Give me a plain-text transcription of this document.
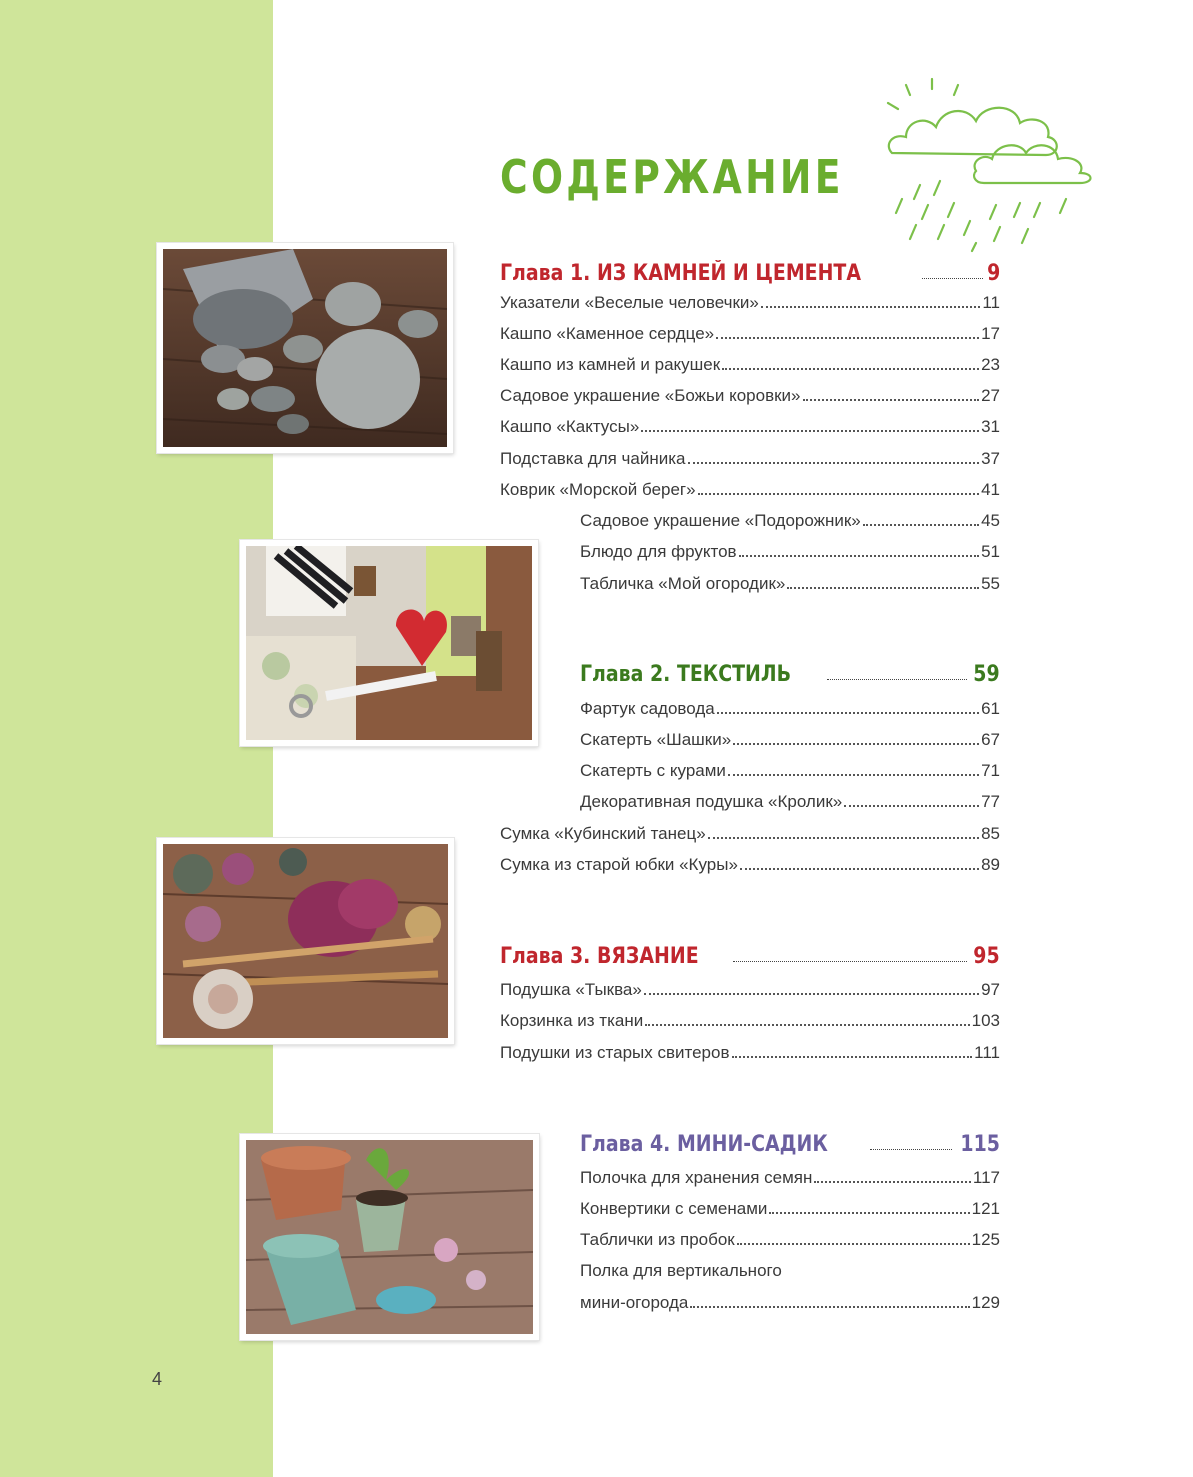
СОДЕРЖАНИЕ
Глава 1. ИЗ КАМНЕЙ И ЦЕМЕНТА	9
Указатели «Веселые человечки»	11
Кашпо «Каменное сердце»	17
Кашпо из камней и ракушек	23
Садовое украшение «Божьи коровки»	27
Кашпо «Кактусы»	31
Подставка для чайника	37
Коврик «Морской берег»	41
Садовое украшение «Подорожник»	45
Блюдо для фруктов	51
Табличка «Мой огородик»	55
Глава 2. ТЕКСТИЛЬ	59
Фартук садовода	61
Скатерть «Шашки»	67
Скатерть с курами	71
Декоративная подушка «Кролик»	77
Сумка «Кубинский танец»	85
Сумка из старой юбки «Куры»	89
Глава 3. ВЯЗАНИЕ	95
Подушка «Тыква»	97
Корзинка из ткани	103
Подушки из старых свитеров	111
Глава 4. МИНИ-САДИК	115
Полочка для хранения семян	117
Конвертики с семенами	121
Таблички из пробок	125
Полка для вертикального
мини-огорода	129
4
